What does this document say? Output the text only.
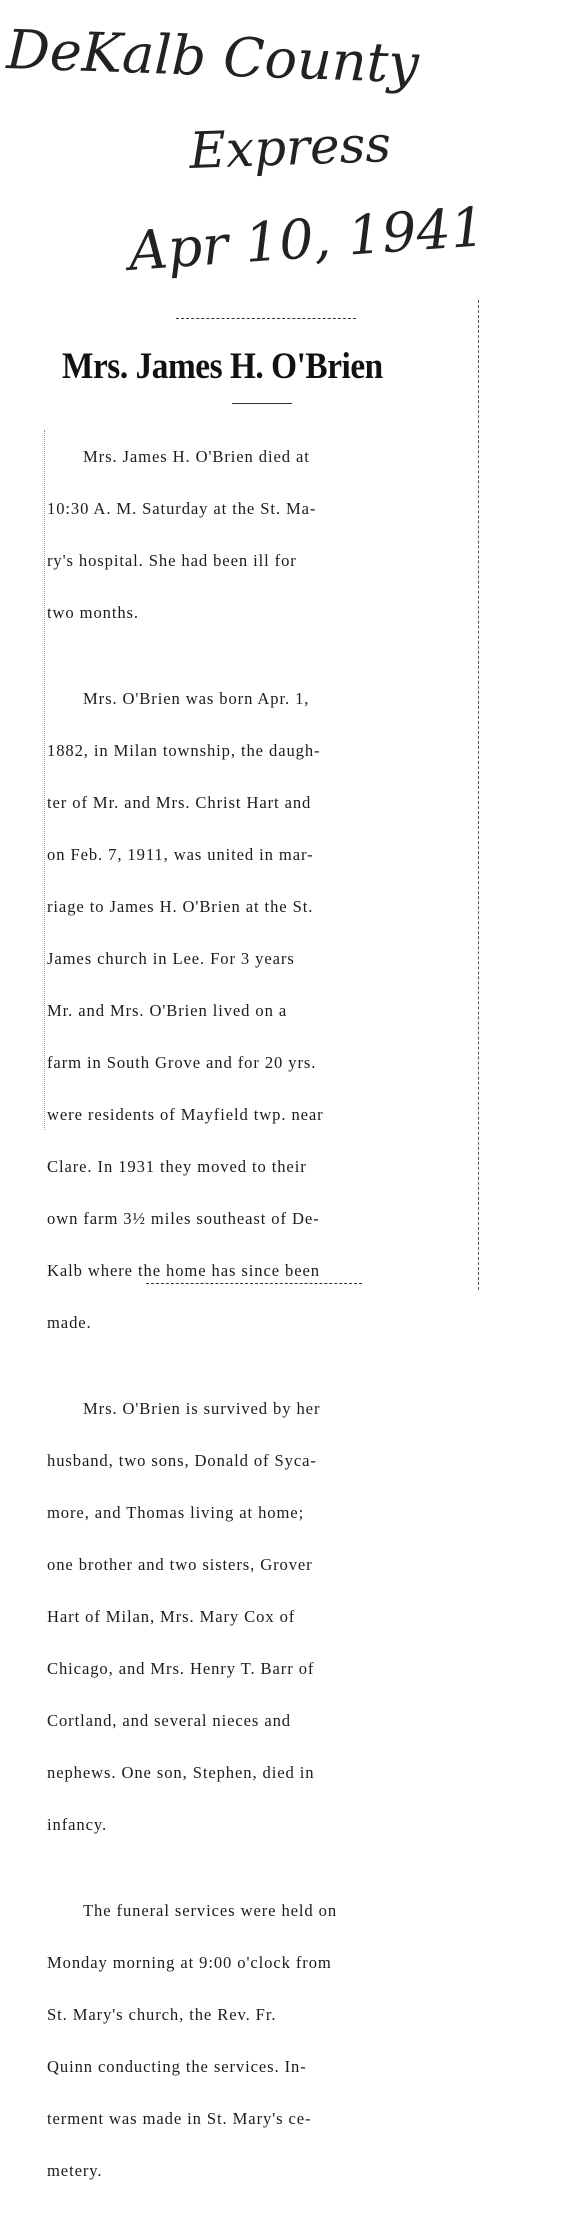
DeKalb County
Express
Apr 10, 1941
Mrs. James H. O'Brien

Mrs. James H. O'Brien died at

10:30 A. M. Saturday at the St. Ma-

ry's hospital. She had been ill for

two months.

Mrs. O'Brien was born Apr. 1,

1882, in Milan township, the daugh-

ter of Mr. and Mrs. Christ Hart and

on Feb. 7, 1911, was united in mar-

riage to James H. O'Brien at the St.

James church in Lee. For 3 years

Mr. and Mrs. O'Brien lived on a

farm in South Grove and for 20 yrs.

were residents of Mayfield twp. near

Clare. In 1931 they moved to their

own farm 3½ miles southeast of De-

Kalb where the home has since been

made.

Mrs. O'Brien is survived by her

husband, two sons, Donald of Syca-

more, and Thomas living at home;

one brother and two sisters, Grover

Hart of Milan, Mrs. Mary Cox of

Chicago, and Mrs. Henry T. Barr of

Cortland, and several nieces and

nephews. One son, Stephen, died in

infancy.

The funeral services were held on

Monday morning at 9:00 o'clock from

St. Mary's church, the Rev. Fr.

Quinn conducting the services. In-

terment was made in St. Mary's ce-

metery.
